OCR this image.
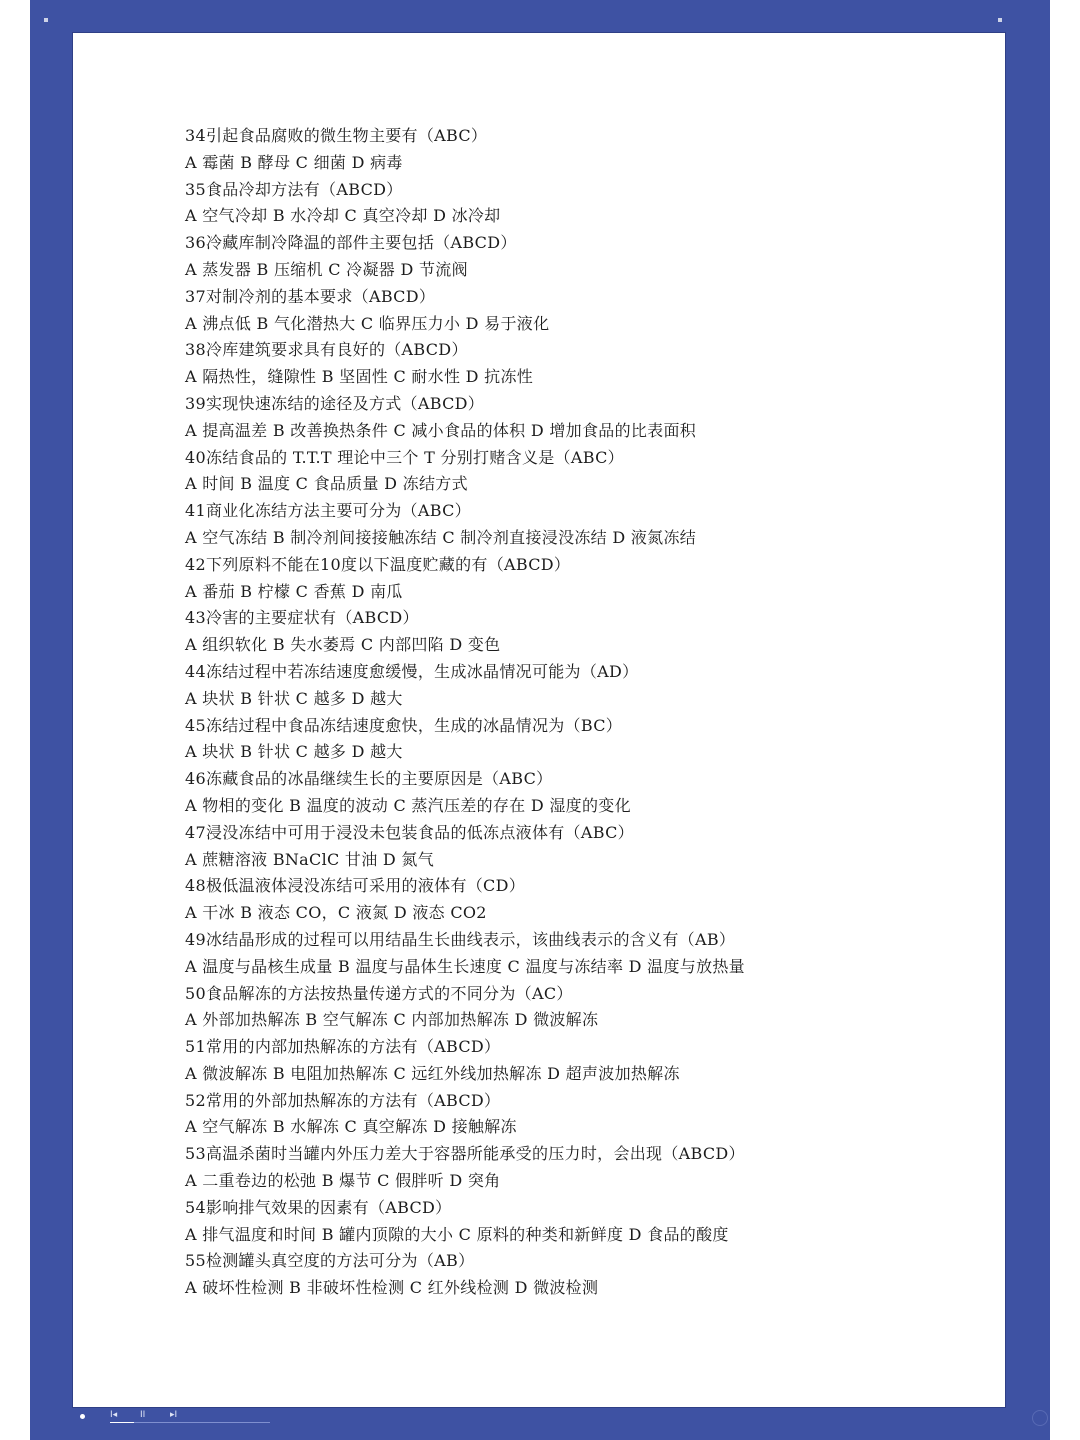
34引起食品腐败的微生物主要有（ABC）
A 霉菌 B 酵母 C 细菌 D 病毒
35食品冷却方法有（ABCD）
A 空气冷却 B 水冷却 C 真空冷却 D 冰冷却
36冷藏库制冷降温的部件主要包括（ABCD）
A 蒸发器 B 压缩机 C 冷凝器 D 节流阀
37对制冷剂的基本要求（ABCD）
A 沸点低 B 气化潜热大 C 临界压力小 D 易于液化
38冷库建筑要求具有良好的（ABCD）
A 隔热性，缝隙性 B 坚固性 C 耐水性 D 抗冻性
39实现快速冻结的途径及方式（ABCD）
A 提高温差 B 改善换热条件 C 减小食品的体积 D 增加食品的比表面积
40冻结食品的 T.T.T 理论中三个 T 分别打赌含义是（ABC）
A 时间 B 温度 C 食品质量 D 冻结方式
41商业化冻结方法主要可分为（ABC）
A 空气冻结 B 制冷剂间接接触冻结 C 制冷剂直接浸没冻结 D 液氮冻结
42下列原料不能在10度以下温度贮藏的有（ABCD）
A 番茄 B 柠檬 C 香蕉 D 南瓜
43冷害的主要症状有（ABCD）
A 组织软化 B 失水萎焉 C 内部凹陷 D 变色
44冻结过程中若冻结速度愈缓慢，生成冰晶情况可能为（AD）
A 块状 B 针状 C 越多 D 越大
45冻结过程中食品冻结速度愈快，生成的冰晶情况为（BC）
A 块状 B 针状 C 越多 D 越大
46冻藏食品的冰晶继续生长的主要原因是（ABC）
A 物相的变化 B 温度的波动 C 蒸汽压差的存在 D 湿度的变化
47浸没冻结中可用于浸没未包装食品的低冻点液体有（ABC）
A 蔗糖溶液 BNaClC 甘油 D 氮气
48极低温液体浸没冻结可采用的液体有（CD）
A 干冰 B 液态 CO，C 液氮 D 液态 CO2
49冰结晶形成的过程可以用结晶生长曲线表示，该曲线表示的含义有（AB）
A 温度与晶核生成量 B 温度与晶体生长速度 C 温度与冻结率 D 温度与放热量
50食品解冻的方法按热量传递方式的不同分为（AC）
A 外部加热解冻 B 空气解冻 C 内部加热解冻 D 微波解冻
51常用的内部加热解冻的方法有（ABCD）
A 微波解冻 B 电阻加热解冻 C 远红外线加热解冻 D 超声波加热解冻
52常用的外部加热解冻的方法有（ABCD）
A 空气解冻 B 水解冻 C 真空解冻 D 接触解冻
53高温杀菌时当罐内外压力差大于容器所能承受的压力时，会出现（ABCD）
A 二重卷边的松弛 B 爆节 C 假胖听 D 突角
54影响排气效果的因素有（ABCD）
A 排气温度和时间 B 罐内顶隙的大小 C 原料的种类和新鲜度 D 食品的酸度
55检测罐头真空度的方法可分为（AB）
A 破坏性检测 B 非破坏性检测 C 红外线检测 D 微波检测
I◂	II	▸I
